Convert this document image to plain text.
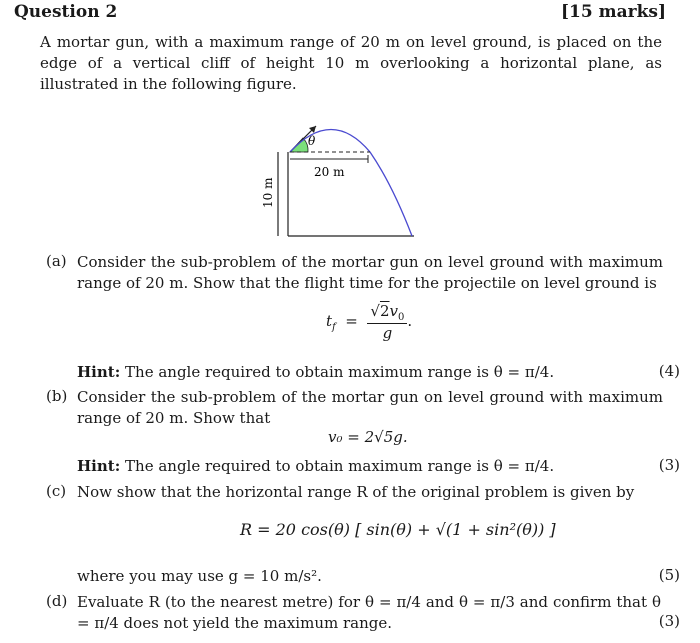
Question 2	[15 marks]
A mortar gun, with a maximum range of 20 m on level ground, is placed on the edge of a vertical cliff of height 10 m overlooking a horizontal plane, as illustrated in the following figure.
θ
20 m
10 m
(a) Consider the sub-problem of the mortar gun on level ground with maximum range of 20 m. Show that the flight time for the projectile on level ground is
$t_f = \frac{√2v_0}{g}$ .
Hint: The angle required to obtain maximum range is θ = π/4.	(4)
(b) Consider the sub-problem of the mortar gun on level ground with maximum range of 20 m. Show that
v₀ = 2√5g.
Hint: The angle required to obtain maximum range is θ = π/4.	(3)
(c) Now show that the horizontal range R of the original problem is given by
R = 20 cos(θ) [ sin(θ) + √(1 + sin²(θ)) ]
where you may use g = 10 m/s².	(5)
(d) Evaluate R (to the nearest metre) for θ = π/4 and θ = π/3 and confirm that θ = π/4 does not yield the maximum range.	(3)
